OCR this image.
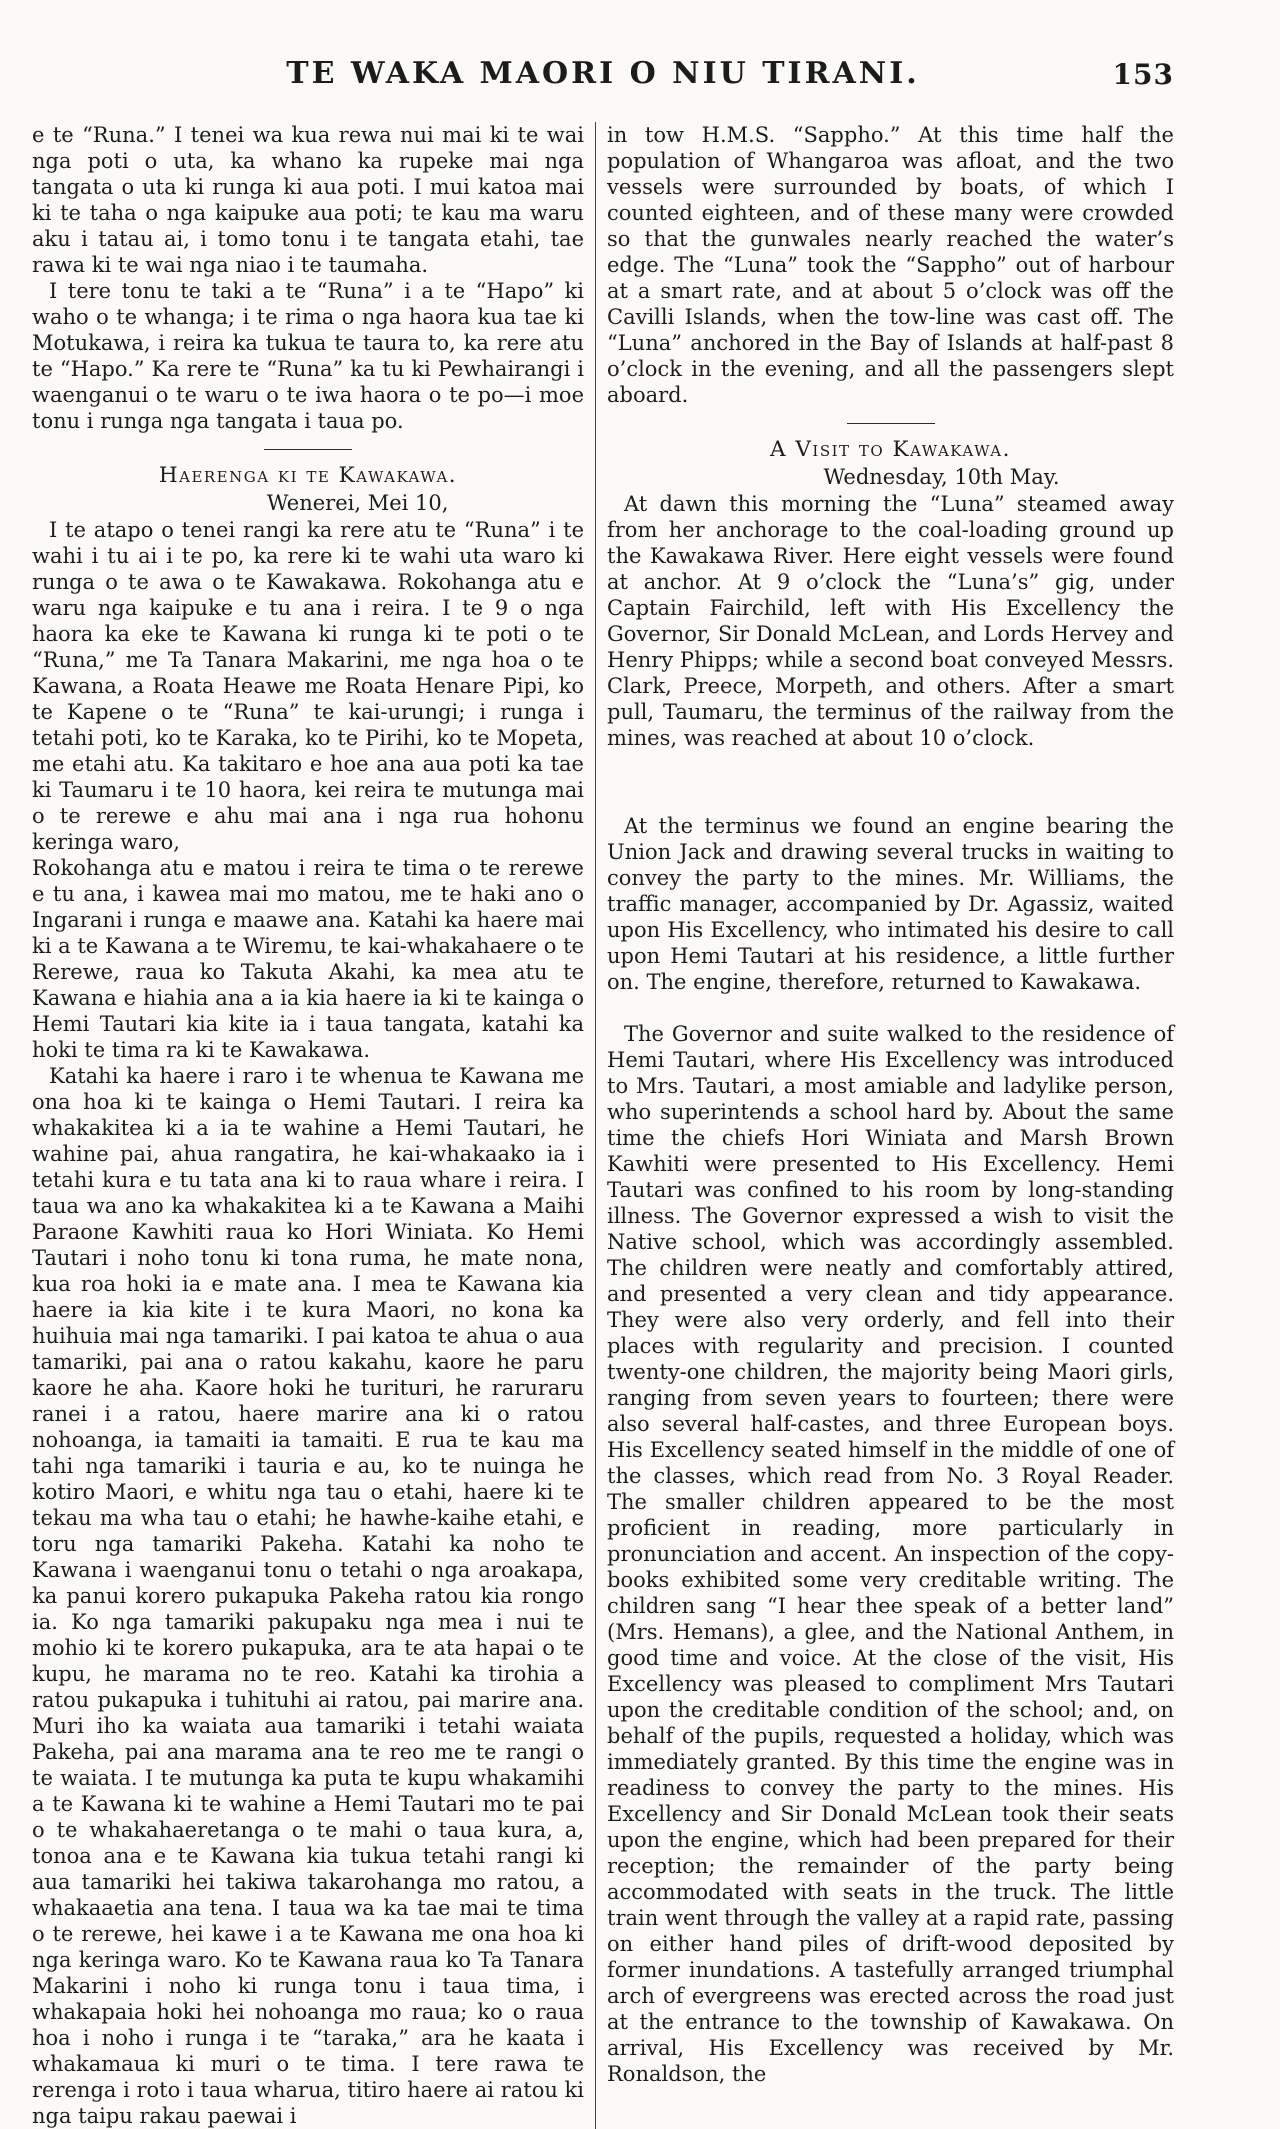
TE WAKA MAORI O NIU TIRANI.	153

e te “Runa.” I tenei wa kua rewa nui mai ki te wai nga poti o uta, ka whano ka rupeke mai nga tangata o uta ki runga ki aua poti. I mui katoa mai ki te taha o nga kaipuke aua poti; te kau ma waru aku i tatau ai, i tomo tonu i te tangata etahi, tae rawa ki te wai nga niao i te taumaha.

I tere tonu te taki a te “Runa” i a te “Hapo” ki waho o te whanga; i te rima o nga haora kua tae ki Motukawa, i reira ka tukua te taura to, ka rere atu te “Hapo.” Ka rere te “Runa” ka tu ki Pewhairangi i waenganui o te waru o te iwa haora o te po—i moe tonu i runga nga tangata i taua po.

Haerenga ki te Kawakawa.
Wenerei, Mei 10,

I te atapo o tenei rangi ka rere atu te “Runa” i te wahi i tu ai i te po, ka rere ki te wahi uta waro ki runga o te awa o te Kawakawa. Rokohanga atu e waru nga kaipuke e tu ana i reira. I te 9 o nga haora ka eke te Kawana ki runga ki te poti o te “Runa,” me Ta Tanara Makarini, me nga hoa o te Kawana, a Roata Heawe me Roata Henare Pipi, ko te Kapene o te “Runa” te kai-urungi; i runga i tetahi poti, ko te Karaka, ko te Pirihi, ko te Mopeta, me etahi atu. Ka takitaro e hoe ana aua poti ka tae ki Taumaru i te 10 haora, kei reira te mutunga mai o te rerewe e ahu mai ana i nga rua hohonu keringa waro,

Rokohanga atu e matou i reira te tima o te rerewe e tu ana, i kawea mai mo matou, me te haki ano o Ingarani i runga e maawe ana. Katahi ka haere mai ki a te Kawana a te Wiremu, te kai-whakahaere o te Rerewe, raua ko Takuta Akahi, ka mea atu te Kawana e hiahia ana a ia kia haere ia ki te kainga o Hemi Tautari kia kite ia i taua tangata, katahi ka hoki te tima ra ki te Kawakawa.

Katahi ka haere i raro i te whenua te Kawana me ona hoa ki te kainga o Hemi Tautari. I reira ka whakakitea ki a ia te wahine a Hemi Tautari, he wahine pai, ahua rangatira, he kai-whakaako ia i tetahi kura e tu tata ana ki to raua whare i reira. I taua wa ano ka whakakitea ki a te Kawana a Maihi Paraone Kawhiti raua ko Hori Winiata. Ko Hemi Tautari i noho tonu ki tona ruma, he mate nona, kua roa hoki ia e mate ana. I mea te Kawana kia haere ia kia kite i te kura Maori, no kona ka huihuia mai nga tamariki. I pai katoa te ahua o aua tamariki, pai ana o ratou kakahu, kaore he paru kaore he aha. Kaore hoki he turituri, he raruraru ranei i a ratou, haere marire ana ki o ratou nohoanga, ia tamaiti ia tamaiti. E rua te kau ma tahi nga tamariki i tauria e au, ko te nuinga he kotiro Maori, e whitu nga tau o etahi, haere ki te tekau ma wha tau o etahi; he hawhe-kaihe etahi, e toru nga tamariki Pakeha. Katahi ka noho te Kawana i waenganui tonu o tetahi o nga aroakapa, ka panui korero pukapuka Pakeha ratou kia rongo ia. Ko nga tamariki pakupaku nga mea i nui te mohio ki te korero pukapuka, ara te ata hapai o te kupu, he marama no te reo. Katahi ka tirohia a ratou pukapuka i tuhituhi ai ratou, pai marire ana. Muri iho ka waiata aua tamariki i tetahi waiata Pakeha, pai ana marama ana te reo me te rangi o te waiata. I te mutunga ka puta te kupu whakamihi a te Kawana ki te wahine a Hemi Tautari mo te pai o te whakahaeretanga o te mahi o taua kura, a, tonoa ana e te Kawana kia tukua tetahi rangi ki aua tamariki hei takiwa takarohanga mo ratou, a whakaaetia ana tena. I taua wa ka tae mai te tima o te rerewe, hei kawe i a te Kawana me ona hoa ki nga keringa waro. Ko te Kawana raua ko Ta Tanara Makarini i noho ki runga tonu i taua tima, i whakapaia hoki hei nohoanga mo raua; ko o raua hoa i noho i runga i te “taraka,” ara he kaata i whakamaua ki muri o te tima. I tere rawa te rerenga i roto i taua wharua, titiro haere ai ratou ki nga taipu rakau paewai i

in tow H.M.S. “Sappho.” At this time half the population of Whangaroa was afloat, and the two vessels were surrounded by boats, of which I counted eighteen, and of these many were crowded so that the gunwales nearly reached the water’s edge. The “Luna” took the “Sappho” out of harbour at a smart rate, and at about 5 o’clock was off the Cavilli Islands, when the tow-line was cast off. The “Luna” anchored in the Bay of Islands at half-past 8 o’clock in the evening, and all the passengers slept aboard.

A Visit to Kawakawa.
Wednesday, 10th May.

At dawn this morning the “Luna” steamed away from her anchorage to the coal-loading ground up the Kawakawa River. Here eight vessels were found at anchor. At 9 o’clock the “Luna’s” gig, under Captain Fairchild, left with His Excellency the Governor, Sir Donald McLean, and Lords Hervey and Henry Phipps; while a second boat conveyed Messrs. Clark, Preece, Morpeth, and others. After a smart pull, Taumaru, the terminus of the railway from the mines, was reached at about 10 o’clock.

At the terminus we found an engine bearing the Union Jack and drawing several trucks in waiting to convey the party to the mines. Mr. Williams, the traffic manager, accompanied by Dr. Agassiz, waited upon His Excellency, who intimated his desire to call upon Hemi Tautari at his residence, a little further on. The engine, therefore, returned to Kawakawa.

The Governor and suite walked to the residence of Hemi Tautari, where His Excellency was introduced to Mrs. Tautari, a most amiable and ladylike person, who superintends a school hard by. About the same time the chiefs Hori Winiata and Marsh Brown Kawhiti were presented to His Excellency. Hemi Tautari was confined to his room by long-standing illness. The Governor expressed a wish to visit the Native school, which was accordingly assembled. The children were neatly and comfortably attired, and presented a very clean and tidy appearance. They were also very orderly, and fell into their places with regularity and precision. I counted twenty-one children, the majority being Maori girls, ranging from seven years to fourteen; there were also several half-castes, and three European boys. His Excellency seated himself in the middle of one of the classes, which read from No. 3 Royal Reader. The smaller children appeared to be the most proficient in reading, more particularly in pronunciation and accent. An inspection of the copy-books exhibited some very creditable writing. The children sang “I hear thee speak of a better land” (Mrs. Hemans), a glee, and the National Anthem, in good time and voice. At the close of the visit, His Excellency was pleased to compliment Mrs Tautari upon the creditable condition of the school; and, on behalf of the pupils, requested a holiday, which was immediately granted. By this time the engine was in readiness to convey the party to the mines. His Excellency and Sir Donald McLean took their seats upon the engine, which had been prepared for their reception; the remainder of the party being accommodated with seats in the truck. The little train went through the valley at a rapid rate, passing on either hand piles of drift-wood deposited by former inundations. A tastefully arranged triumphal arch of evergreens was erected across the road just at the entrance to the township of Kawakawa. On arrival, His Excellency was received by Mr. Ronaldson, the
